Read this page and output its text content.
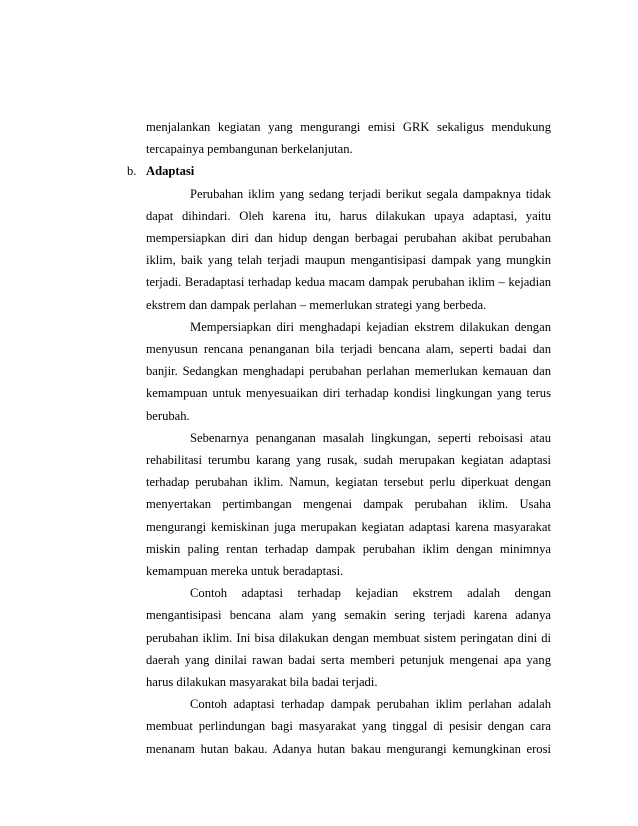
menjalankan kegiatan yang mengurangi emisi GRK sekaligus mendukung
tercapainya pembangunan berkelanjutan.
b. Adaptasi
Perubahan iklim yang sedang terjadi berikut segala dampaknya tidak
dapat dihindari. Oleh karena itu, harus dilakukan upaya adaptasi, yaitu
mempersiapkan diri dan hidup dengan berbagai perubahan akibat perubahan
iklim, baik yang telah terjadi maupun mengantisipasi dampak yang mungkin
terjadi. Beradaptasi terhadap kedua macam dampak perubahan iklim – kejadian
ekstrem dan dampak perlahan – memerlukan strategi yang berbeda.
Mempersiapkan diri menghadapi kejadian ekstrem dilakukan dengan
menyusun rencana penanganan bila terjadi bencana alam, seperti badai dan
banjir. Sedangkan menghadapi perubahan perlahan memerlukan kemauan dan
kemampuan untuk menyesuaikan diri terhadap kondisi lingkungan yang terus
berubah.
Sebenarnya penanganan masalah lingkungan, seperti reboisasi atau
rehabilitasi terumbu karang yang rusak, sudah merupakan kegiatan adaptasi
terhadap perubahan iklim. Namun, kegiatan tersebut perlu diperkuat dengan
menyertakan pertimbangan mengenai dampak perubahan iklim. Usaha
mengurangi kemiskinan juga merupakan kegiatan adaptasi karena masyarakat
miskin paling rentan terhadap dampak perubahan iklim dengan minimnya
kemampuan mereka untuk beradaptasi.
Contoh adaptasi terhadap kejadian ekstrem adalah dengan
mengantisipasi bencana alam yang semakin sering terjadi karena adanya
perubahan iklim. Ini bisa dilakukan dengan membuat sistem peringatan dini di
daerah yang dinilai rawan badai serta memberi petunjuk mengenai apa yang
harus dilakukan masyarakat bila badai terjadi.
Contoh adaptasi terhadap dampak perubahan iklim perlahan adalah
membuat perlindungan bagi masyarakat yang tinggal di pesisir dengan cara
menanam hutan bakau. Adanya hutan bakau mengurangi kemungkinan erosi
